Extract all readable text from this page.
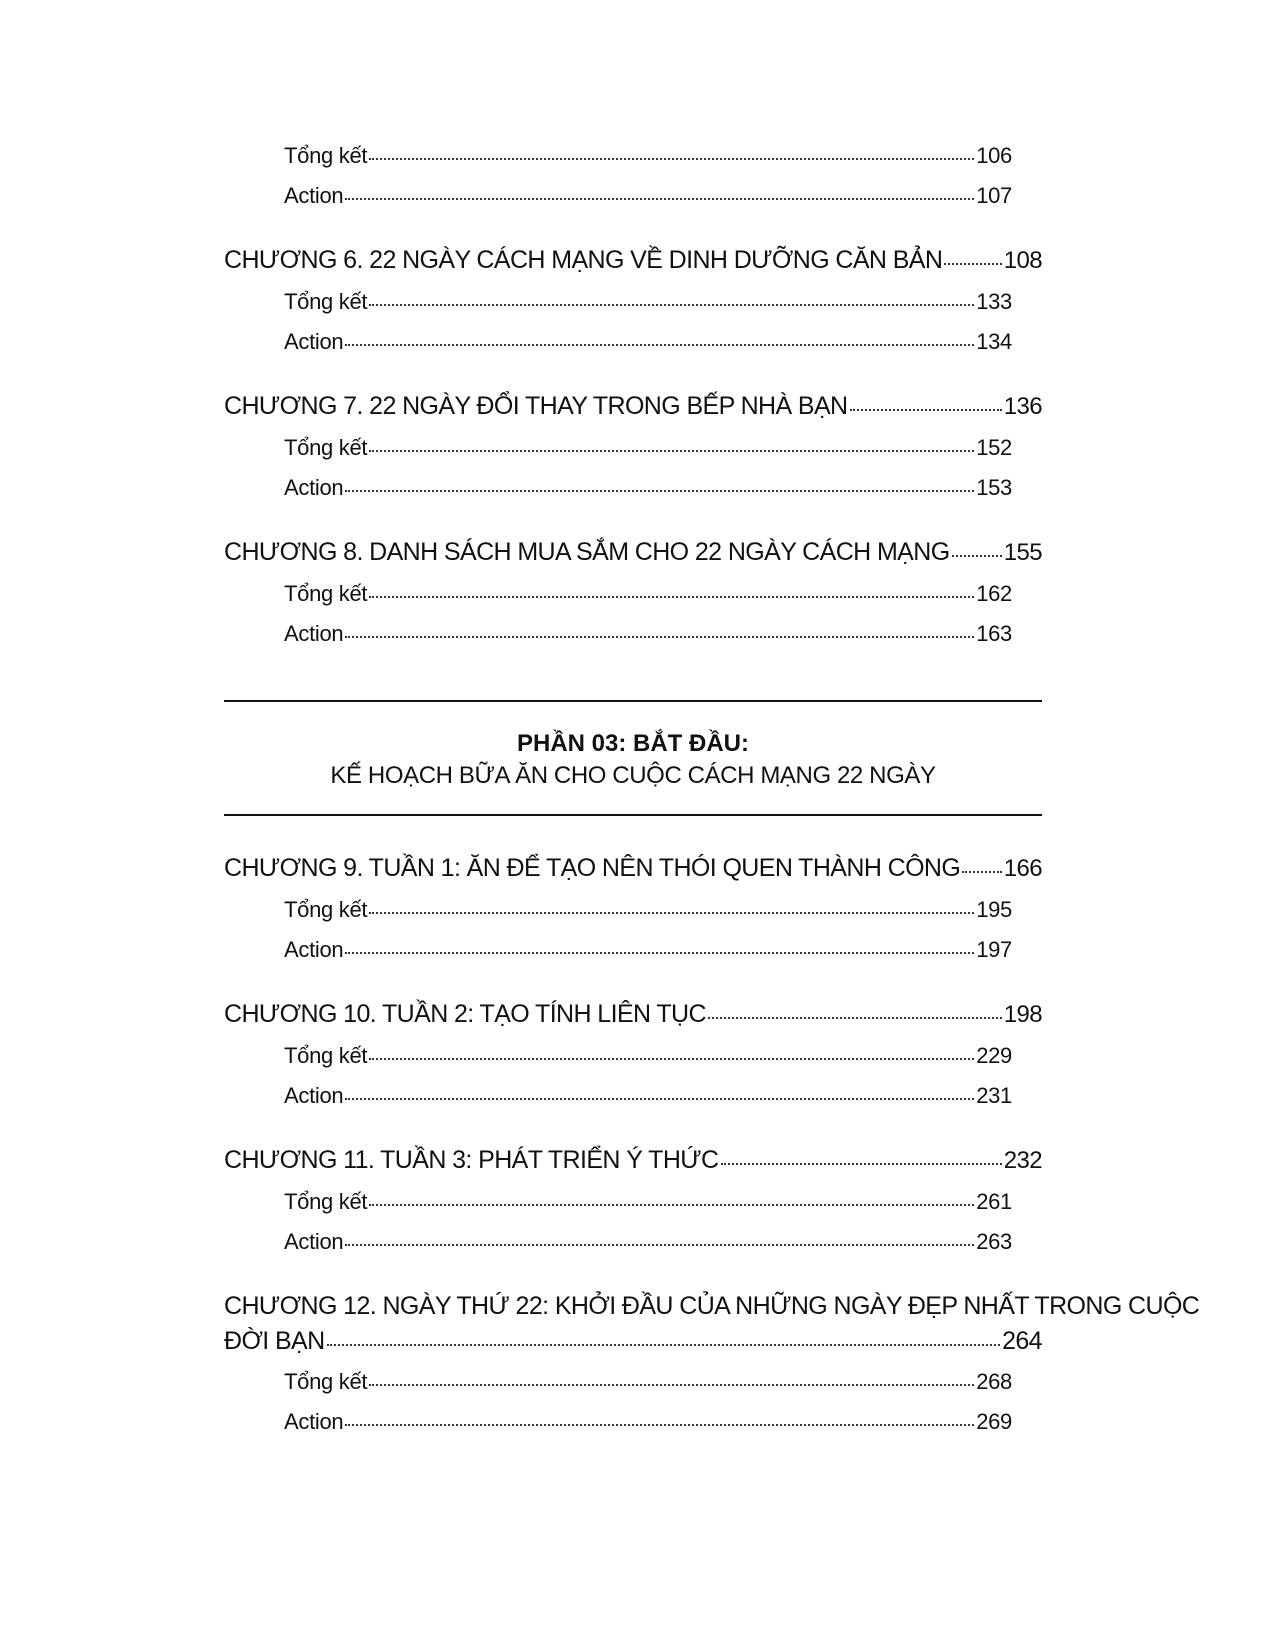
Tổng kết	106
Action	107
CHƯƠNG 6. 22 NGÀY CÁCH MẠNG VỀ DINH DƯỠNG CĂN BẢN	108
Tổng kết	133
Action	134
CHƯƠNG 7. 22 NGÀY ĐỔI THAY TRONG BẾP NHÀ BẠN	136
Tổng kết	152
Action	153
CHƯƠNG 8. DANH SÁCH MUA SẮM CHO 22 NGÀY CÁCH MẠNG 155
Tổng kết	162
Action	163
PHẦN 03: BẮT ĐẦU:
KẾ HOẠCH BỮA ĂN CHO CUỘC CÁCH MẠNG 22 NGÀY
CHƯƠNG 9. TUẦN 1: ĂN ĐỂ TẠO NÊN THÓI QUEN THÀNH CÔNG 166
Tổng kết	195
Action	197
CHƯƠNG 10. TUẦN 2: TẠO TÍNH LIÊN TỤC	198
Tổng kết	229
Action	231
CHƯƠNG 11. TUẦN 3: PHÁT TRIỂN Ý THỨC	232
Tổng kết	261
Action	263
CHƯƠNG 12. NGÀY THỨ 22: KHỞI ĐẦU CỦA NHỮNG NGÀY ĐẸP NHẤT TRONG CUỘC
ĐỜI BẠN	264
Tổng kết	268
Action	269
